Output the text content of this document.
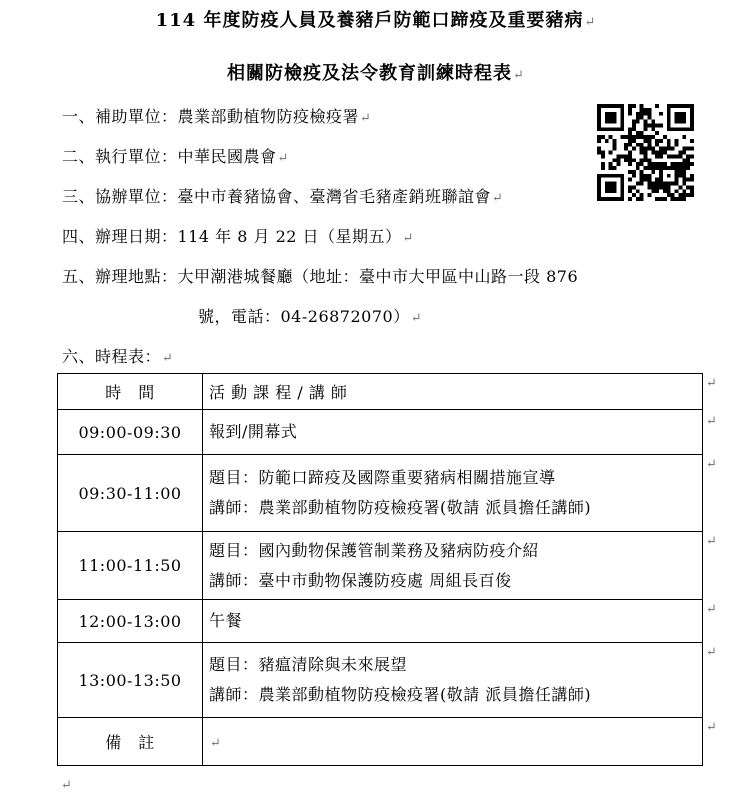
114 年度防疫人員及養豬戶防範口蹄疫及重要豬病↵
相關防檢疫及法令教育訓練時程表↵
一、補助單位：農業部動植物防疫檢疫署↵
二、執行單位：中華民國農會↵
三、協辦單位：臺中市養豬協會、臺灣省毛豬產銷班聯誼會↵
四、辦理日期：114 年 8 月 22 日（星期五）↵
五、辦理地點：大甲潮港城餐廳（地址：臺中市大甲區中山路一段 876
號，電話：04-26872070）↵
六、時程表：↵
時　間	活 動 課 程 / 講 師
09:00-09:30	報到/開幕式

09:30-11:00	題目：防範口蹄疫及國際重要豬病相關措施宣導
講師：農業部動植物防疫檢疫署(敬請 派員擔任講師)

11:00-11:50	題目：國內動物保護管制業務及豬病防疫介紹
講師：臺中市動物保護防疫處 周組長百俊

12:00-13:00	午餐

13:00-13:50	題目：豬瘟清除與未來展望
講師：農業部動植物防疫檢疫署(敬請 派員擔任講師)

備　註	↵
↵
↵
↵
↵
↵
↵
↵
↵
